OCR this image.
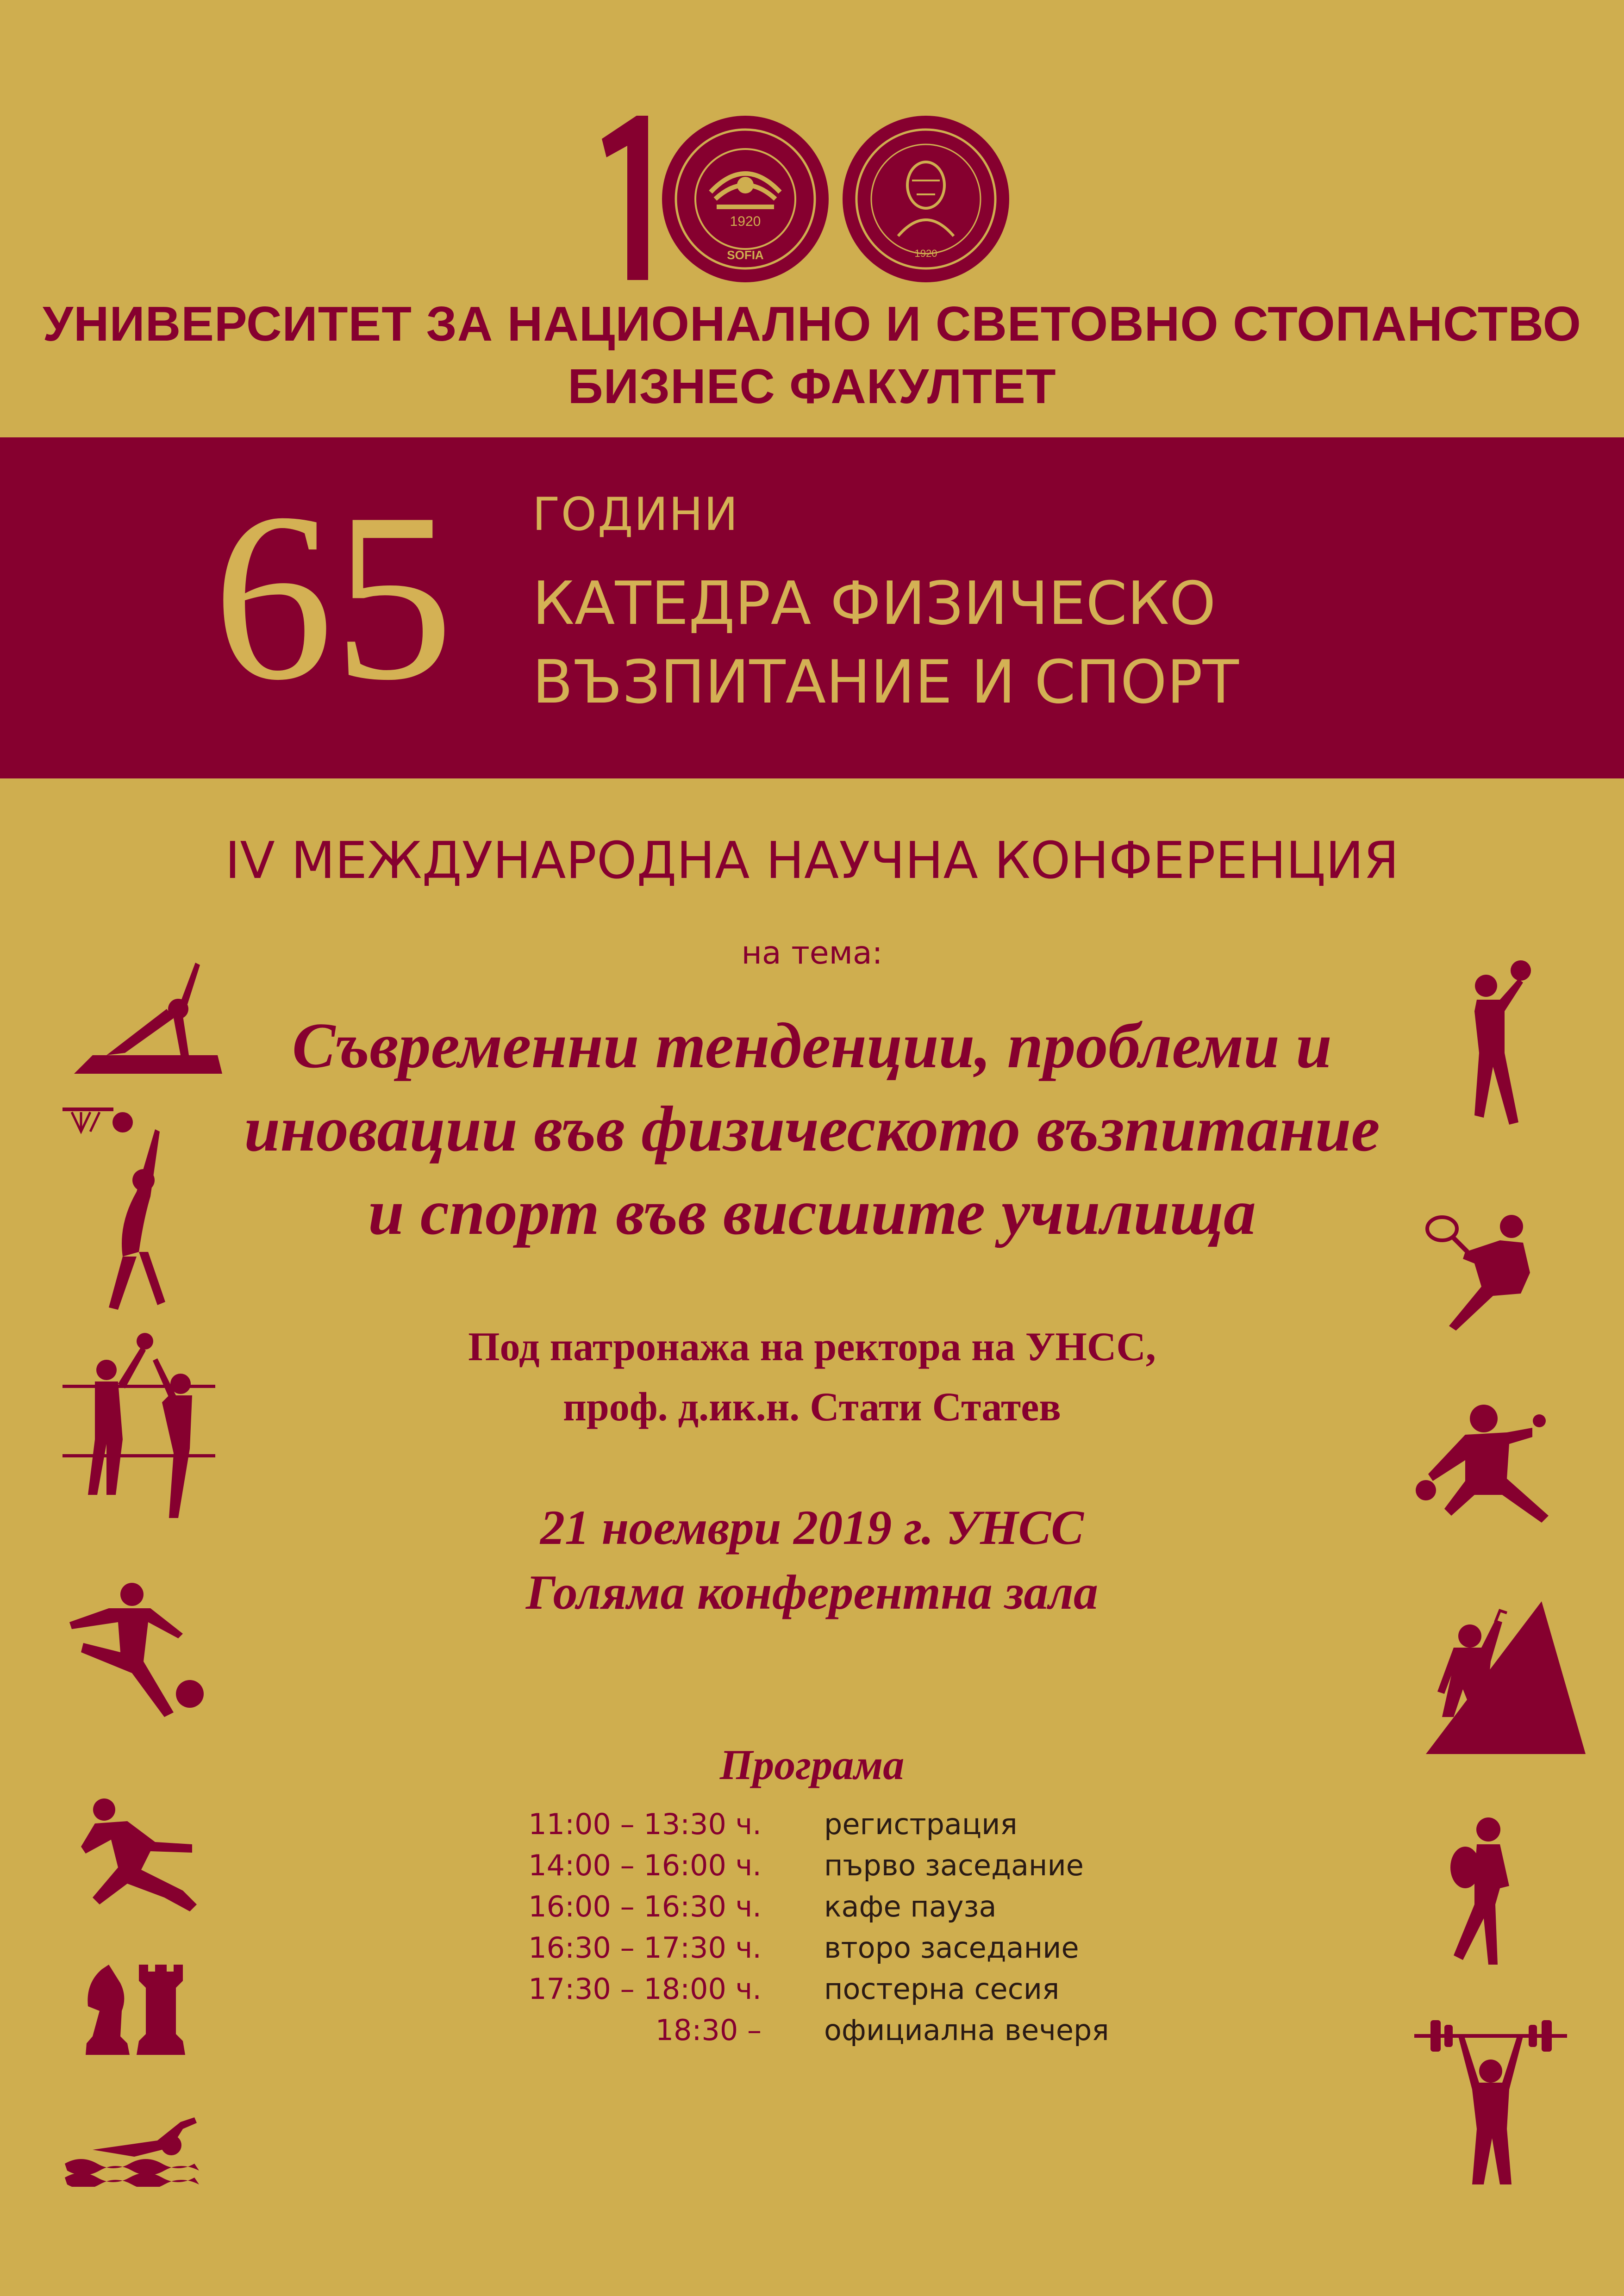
1920
SOFIA	1920
УНИВЕРСИТЕТ ЗА НАЦИОНАЛНО И СВЕТОВНО СТОПАНСТВО
БИЗНЕС ФАКУЛТЕТ
65 ГОДИНИ
КАТЕДРА ФИЗИЧЕСКО
ВЪЗПИТАНИЕ И СПОРТ
IV МЕЖДУНАРОДНА НАУЧНА КОНФЕРЕНЦИЯ
на тема:
Съвременни тенденции, проблеми и
иновации във физическото възпитание
и спорт във висшите училища
Под патронажа на ректора на УНСС,
проф. д.ик.н. Стати Статев
21 ноември 2019 г. УНСС
Голяма конферентна зала
Програма
11:00 – 13:30 ч. регистрация
14:00 – 16:00 ч. първо заседание
16:00 – 16:30 ч. кафе пауза
16:30 – 17:30 ч. второ заседание
17:30 – 18:00 ч. постерна сесия
18:30 – официална вечеря
